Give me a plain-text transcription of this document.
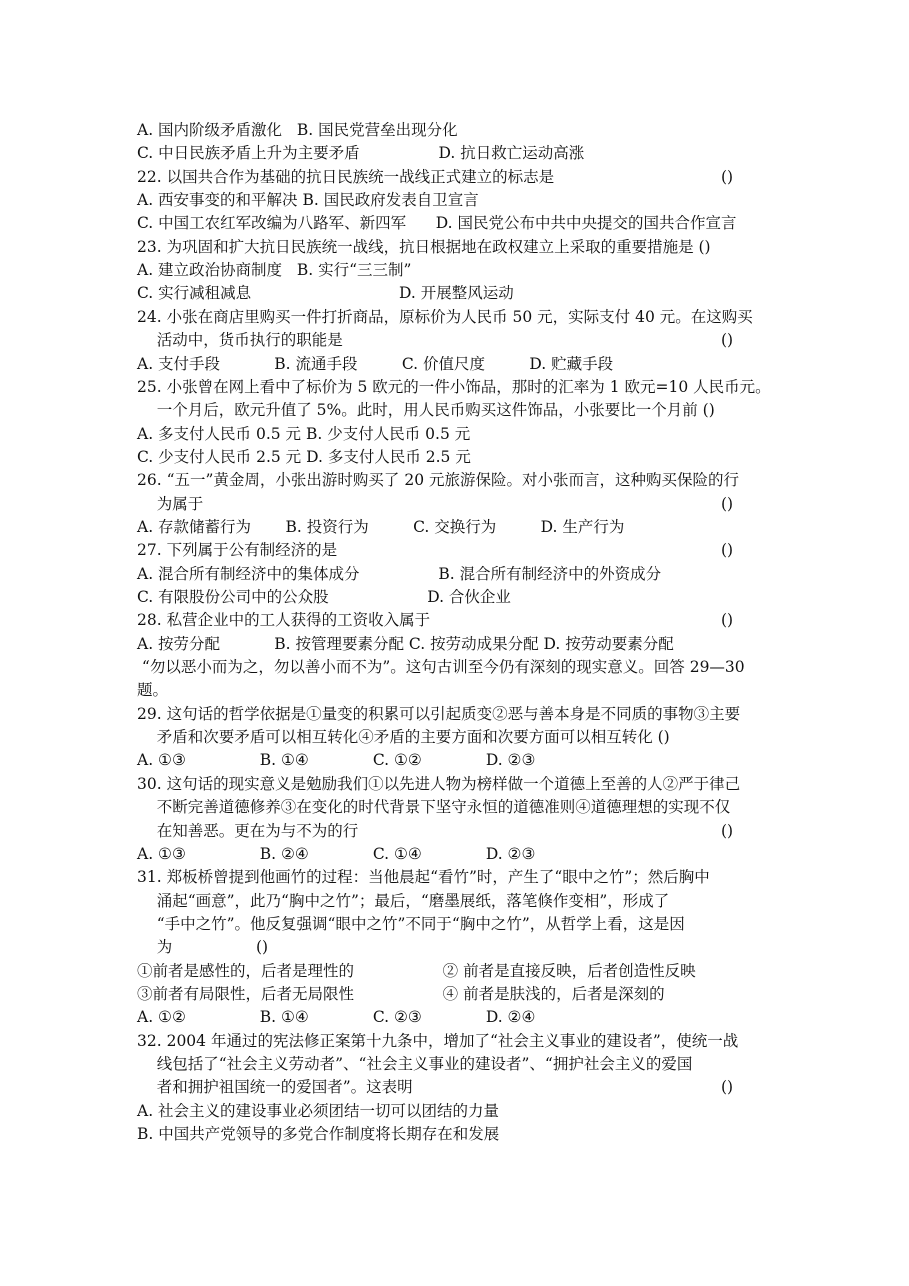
A. 国内阶级矛盾激化   B. 国民党营垒出现分化
C. 中日民族矛盾上升为主要矛盾                D. 抗日救亡运动高涨
22. 以国共合作为基础的抗日民族统一战线正式建立的标志是	()
A. 西安事变的和平解决 B. 国民政府发表自卫宣言
C. 中国工农红军改编为八路军、新四军      D. 国民党公布中共中央提交的国共合作宣言
23. 为巩固和扩大抗日民族统一战线，抗日根据地在政权建立上采取的重要措施是 ()
A. 建立政治协商制度   B. 实行“三三制”
C. 实行减租减息                              D. 开展整风运动
24. 小张在商店里购买一件打折商品，原标价为人民币 50 元，实际支付 40 元。在这购买
活动中，货币执行的职能是	()
A. 支付手段           B. 流通手段         C. 价值尺度         D. 贮藏手段
25. 小张曾在网上看中了标价为 5 欧元的一件小饰品，那时的汇率为 1 欧元=10 人民币元。
一个月后，欧元升值了 5%。此时，用人民币购买这件饰品，小张要比一个月前 ()
A. 多支付人民币 0.5 元 B. 少支付人民币 0.5 元
C. 少支付人民币 2.5 元 D. 多支付人民币 2.5 元
26. “五一”黄金周，小张出游时购买了 20 元旅游保险。对小张而言，这种购买保险的行
为属于	()
A. 存款储蓄行为       B. 投资行为         C. 交换行为         D. 生产行为
27. 下列属于公有制经济的是	()
A. 混合所有制经济中的集体成分                B. 混合所有制经济中的外资成分
C. 有限股份公司中的公众股                    D. 合伙企业
28. 私营企业中的工人获得的工资收入属于	()
A. 按劳分配           B. 按管理要素分配 C. 按劳动成果分配 D. 按劳动要素分配
“勿以恶小而为之，勿以善小而不为”。这句古训至今仍有深刻的现实意义。回答 29—30
题。
29. 这句话的哲学依据是①量变的积累可以引起质变②恶与善本身是不同质的事物③主要
矛盾和次要矛盾可以相互转化④矛盾的主要方面和次要方面可以相互转化 ()
A. ①③               B. ①④             C. ①②             D. ②③
30. 这句话的现实意义是勉励我们①以先进人物为榜样做一个道德上至善的人②严于律己
不断完善道德修养③在变化的时代背景下坚守永恒的道德准则④道德理想的实现不仅
在知善恶。更在为与不为的行	()
A. ①③               B. ②④             C. ①④             D. ②③
31. 郑板桥曾提到他画竹的过程：当他晨起“看竹”时，产生了“眼中之竹”；然后胸中
涌起“画意”，此乃“胸中之竹”；最后，“磨墨展纸，落笔倏作变相”，形成了
“手中之竹”。他反复强调“眼中之竹”不同于“胸中之竹”，从哲学上看，这是因
为                 ()
①前者是感性的，后者是理性的                  ② 前者是直接反映，后者创造性反映
③前者有局限性，后者无局限性                  ④ 前者是肤浅的，后者是深刻的
A. ①②               B. ①④             C. ②③             D. ②④
32. 2004 年通过的宪法修正案第十九条中，增加了“社会主义事业的建设者”，使统一战
线包括了“社会主义劳动者”、“社会主义事业的建设者”、“拥护社会主义的爱国
者和拥护祖国统一的爱国者”。这表明	()
A. 社会主义的建设事业必须团结一切可以团结的力量
B. 中国共产党领导的多党合作制度将长期存在和发展
